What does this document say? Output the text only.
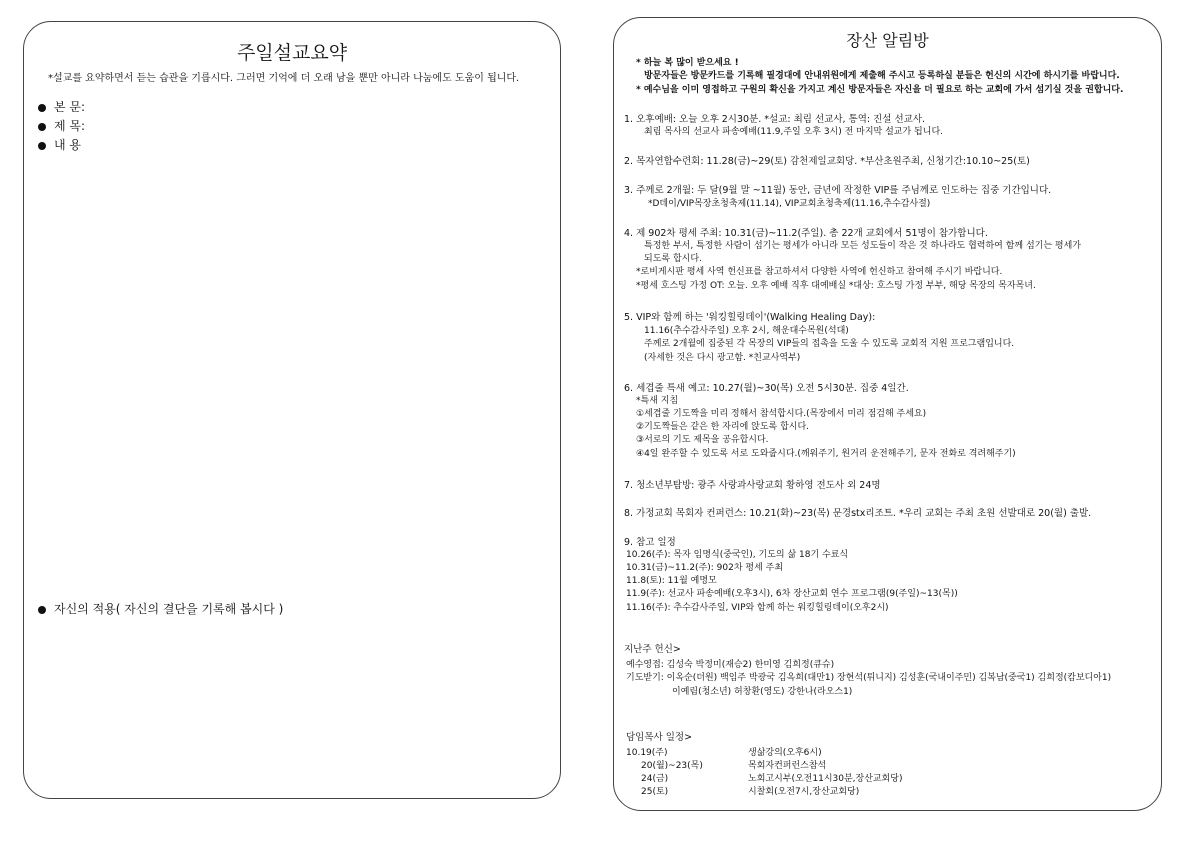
주일설교요약
*설교를 요약하면서 듣는 습관을 기릅시다. 그러면 기억에 더 오래 남을 뿐만 아니라 나눔에도 도움이 됩니다.
본 문:
제 목:
내 용
자신의 적용( 자신의 결단을 기록해 봅시다 )
장산 알림방
* 하늘 복 많이 받으세요 !
방문자들은 방문카드를 기록해 필경대에 안내위원에게 제출해 주시고 등록하실 분들은 헌신의 시간에 하시기를 바랍니다.
* 예수님을 이미 영접하고 구원의 확신을 가지고 계신 방문자들은 자신을 더 필요로 하는 교회에 가서 섬기실 것을 권합니다.
1. 오후예배: 오늘 오후 2시30분. *설교: 최림 선교사, 통역: 진설 선교사.
최림 목사의 선교사 파송예배(11.9,주일 오후 3시) 전 마지막 설교가 됩니다.
2. 목자연합수련회: 11.28(금)~29(토) 감천제일교회당. *부산초원주최, 신청기간:10.10~25(토)
3. 주께로 2개월: 두 달(9월 말 ~11월) 동안, 금년에 작정한 VIP를 주님께로 인도하는 집중 기간입니다.
*D데이/VIP목장초청축제(11.14), VIP교회초청축제(11.16,추수감사절)
4. 제 902차 평세 주최: 10.31(금)~11.2(주일). 총 22개 교회에서 51명이 참가합니다.
특정한 부서, 특정한 사람이 섬기는 평세가 아니라 모든 성도들이 작은 것 하나라도 협력하여 함께 섬기는 평세가
되도록 합시다.
*로비게시판 평세 사역 헌신표를 참고하셔서 다양한 사역에 헌신하고 참여해 주시기 바랍니다.
*평세 호스팅 가정 OT: 오늘. 오후 예배 직후 대예배실 *대상: 호스팅 가정 부부, 해당 목장의 목자목녀.
5. VIP와 함께 하는 '워킹힐링데이'(Walking Healing Day):
11.16(추수감사주일) 오후 2시, 해운대수목원(석대)
주께로 2개월에 집중된 각 목장의 VIP들의 접촉을 도울 수 있도록 교회적 지원 프로그램입니다.
(자세한 것은 다시 광고함. *친교사역부)
6. 세겹줄 특새 예고: 10.27(월)~30(목) 오전 5시30분. 집중 4일간.
*특새 지침
①세겹줄 기도짝을 미리 정해서 참석합시다.(목장에서 미리 점검해 주세요)
②기도짝들은 같은 한 자리에 앉도록 합시다.
③서로의 기도 제목을 공유합시다.
④4일 완주할 수 있도록 서로 도와줍시다.(깨워주기, 원거리 운전해주기, 문자 전화로 격려해주기)
7. 청소년부탐방: 광주 사랑과사랑교회 황하영 전도사 외 24명
8. 가정교회 목회자 컨퍼런스: 10.21(화)~23(목) 문경stx리조트. *우리 교회는 주최 초원 선발대로 20(월) 출발.
9. 참고 일정
10.26(주): 목자 임명식(중국인), 기도의 삶 18기 수료식
10.31(금)~11.2(주): 902차 평세 주최
11.8(토): 11월 예명모
11.9(주): 선교사 파송예배(오후3시), 6차 장산교회 연수 프로그램(9(주일)~13(목))
11.16(주): 추수감사주일, VIP와 함께 하는 워킹힐링데이(오후2시)
지난주 헌신>
예수영접: 김성숙 박정미(재승2) 한미영 김희정(큐슈)
기도받기: 이옥순(더원) 백임주 박광국 김옥희(대만1) 장현석(튀니지) 김성훈(국내이주민) 김복남(중국1) 김희정(캄보디아1)
이예림(청소년) 허창환(영도) 강한나(라오스1)
담임목사 일정>
10.19(주)	생삶강의(오후6시)
20(월)~23(목)	목회자컨퍼런스참석
24(금)	노회고시부(오전11시30분,장산교회당)
25(토)	시찰회(오전7시,장산교회당)
